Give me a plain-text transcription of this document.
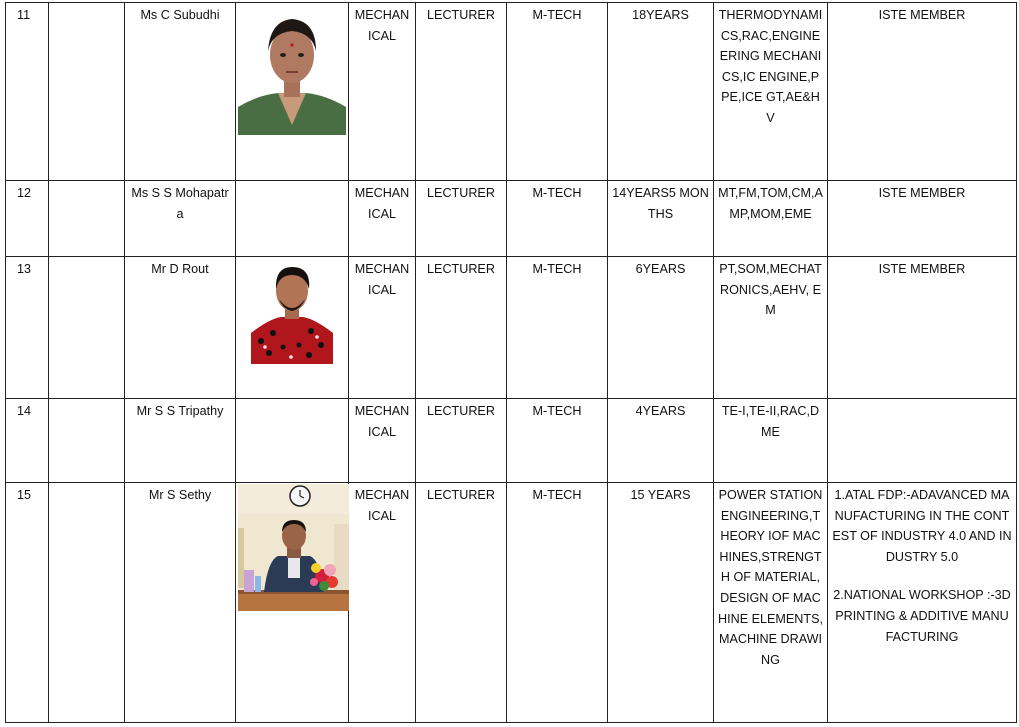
11		Ms C Subudhi		MECHANICAL	LECTURER	M-TECH	18YEARS	THERMODYNAMICS,RAC,ENGINEERING MECHANICS,IC ENGINE,PPE,ICE GT,AE&HV	ISTE MEMBER
12		Ms S S Mohapatra		MECHANICAL	LECTURER	M-TECH	14YEARS5 MONTHS	MT,FM,TOM,CM,AMP,MOM,EME	ISTE MEMBER
13		Mr D Rout		MECHANICAL	LECTURER	M-TECH	6YEARS	PT,SOM,MECHATRONICS,AEHV, EM	ISTE MEMBER
14		Mr S S Tripathy		MECHANICAL	LECTURER	M-TECH	4YEARS	TE-I,TE-II,RAC,DME	
15		Mr S Sethy		MECHANICAL	LECTURER	M-TECH	15 YEARS	POWER STATION ENGINEERING,THEORY IOF MACHINES,STRENGTH OF MATERIAL,DESIGN OF MACHINE ELEMENTS,MACHINE DRAWING	1.ATAL FDP:-ADAVANCED MANUFACTURING IN THE CONTEST OF INDUSTRY 4.0 AND INDUSTRY 5.0
2.NATIONAL WORKSHOP :-3D PRINTING & ADDITIVE MANUFACTURING
